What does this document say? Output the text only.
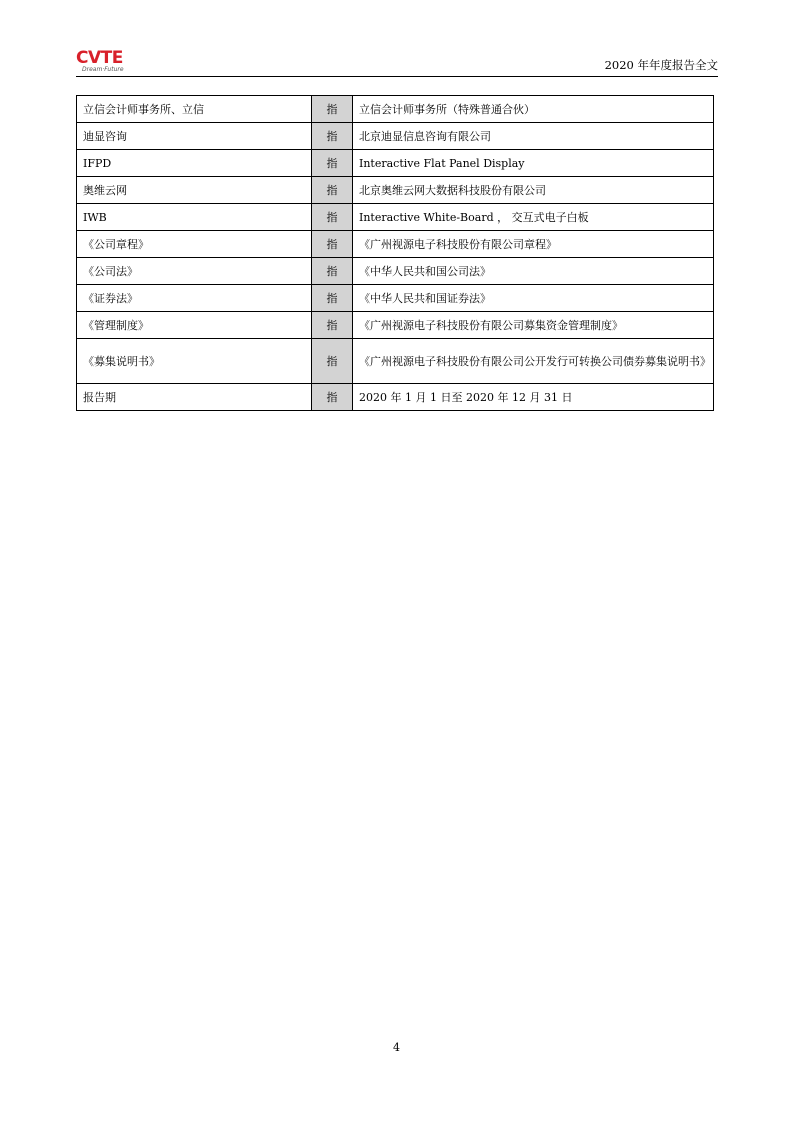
CVTE
Dream·Future	2020 年年度报告全文
立信会计师事务所、立信	指	立信会计师事务所（特殊普通合伙）
迪显咨询	指	北京迪显信息咨询有限公司
IFPD	指	Interactive Flat Panel Display
奥维云网	指	北京奥维云网大数据科技股份有限公司
IWB	指	Interactive White-Board ， 交互式电子白板
《公司章程》	指	《广州视源电子科技股份有限公司章程》
《公司法》	指	《中华人民共和国公司法》
《证券法》	指	《中华人民共和国证券法》
《管理制度》	指	《广州视源电子科技股份有限公司募集资金管理制度》
《募集说明书》	指	《广州视源电子科技股份有限公司公开发行可转换公司债券募集说明书》
报告期	指	2020 年 1 月 1 日至 2020 年 12 月 31 日
4
